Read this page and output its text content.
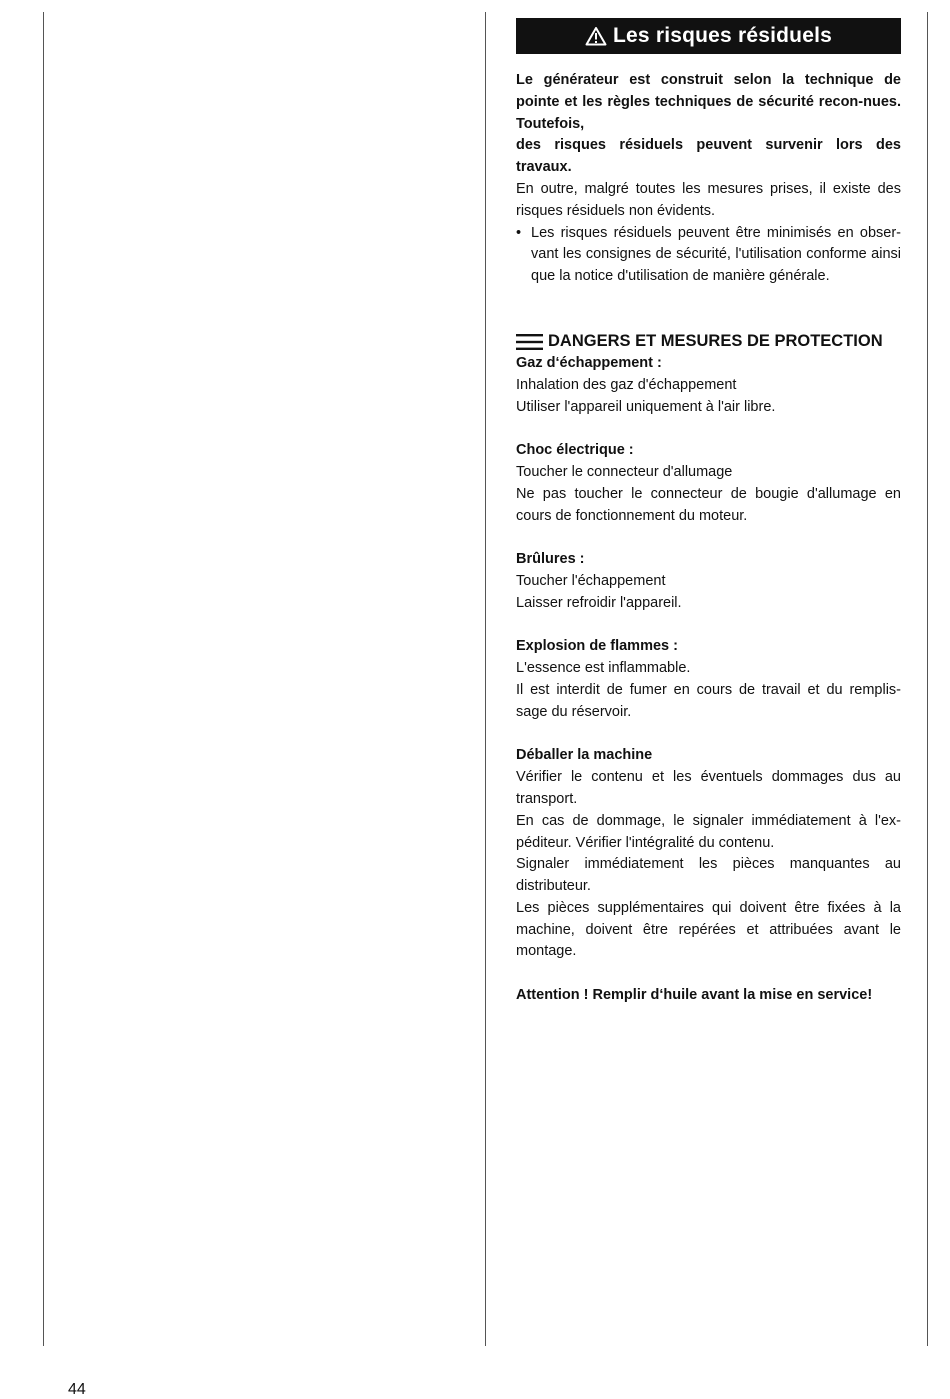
Les risques résiduels

Le générateur est construit selon la technique de pointe et les règles techniques de sécurité recon-nues. Toutefois,

des risques résiduels peuvent survenir lors des travaux.

En outre, malgré toutes les mesures prises, il existe des risques résiduels non évidents.

• Les risques résiduels peuvent être minimisés en obser-vant les consignes de sécurité, l'utilisation conforme ainsi que la notice d'utilisation de manière générale.
DANGERS ET MESURES DE PROTECTION

Gaz d‘échappement :

Inhalation des gaz d'échappement

Utiliser l'appareil uniquement à l'air libre.

Choc électrique :

Toucher le connecteur d'allumage

Ne pas toucher le connecteur de bougie d'allumage en cours de fonctionnement du moteur.

Brûlures :

Toucher l'échappement

Laisser refroidir l'appareil.

Explosion de flammes :

L'essence est inflammable.

Il est interdit de fumer en cours de travail et du remplis-sage du réservoir.

Déballer la machine

Vérifier le contenu et les éventuels dommages dus au transport.

En cas de dommage, le signaler immédiatement à l'ex-péditeur. Vérifier l'intégralité du contenu.

Signaler immédiatement les pièces manquantes au distributeur.

Les pièces supplémentaires qui doivent être fixées à la machine, doivent être repérées et attribuées avant le montage.

Attention ! Remplir d‘huile avant la mise en service!

44
